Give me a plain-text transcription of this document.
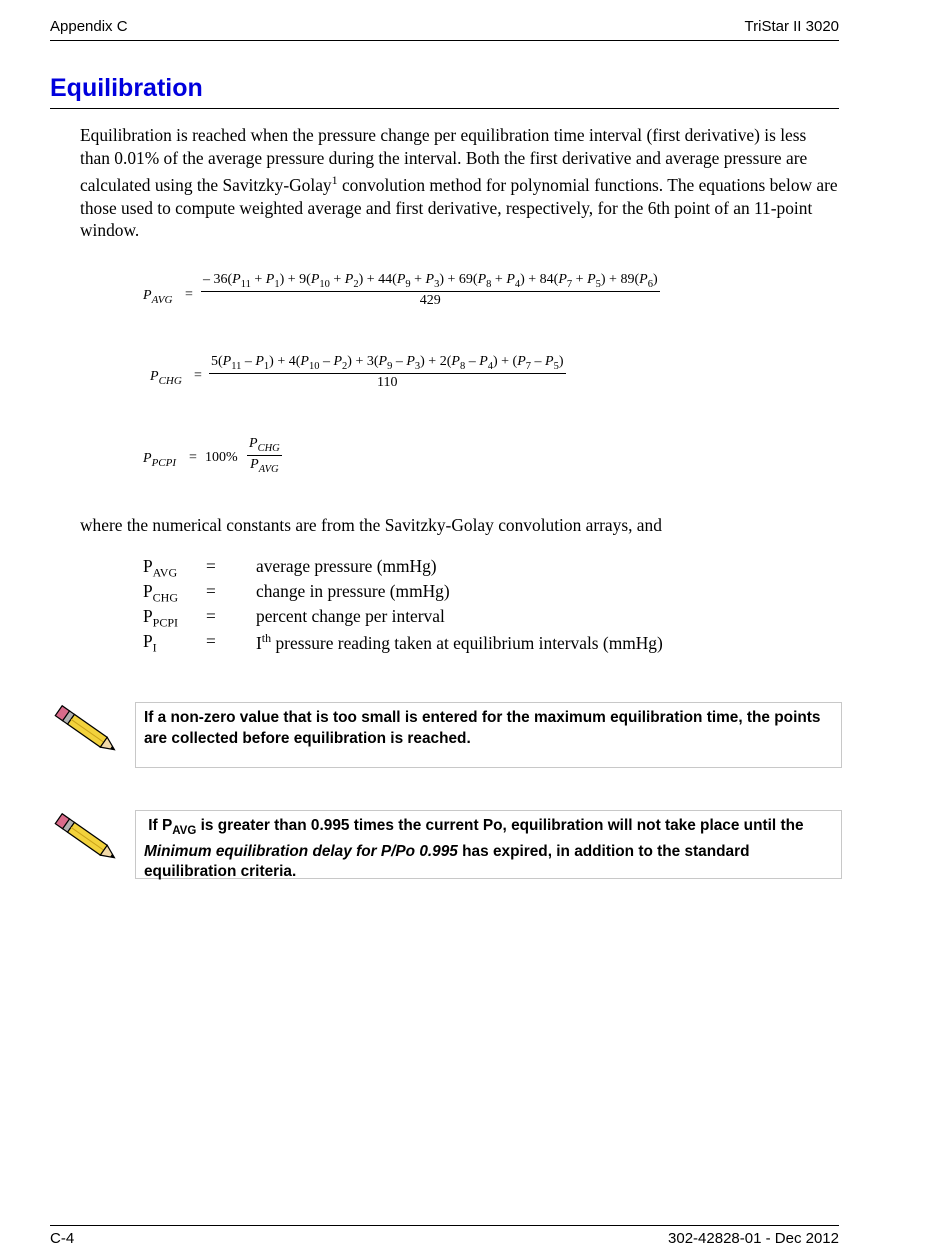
Appendix C	TriStar II 3020
Equilibration
Equilibration is reached when the pressure change per equilibration time interval (first derivative) is less than 0.01% of the average pressure during the interval. Both the first derivative and average pressure are calculated using the Savitzky-Golay$^1$ convolution method for polynomial functions. The equations below are those used to compute weighted average and first derivative, respectively, for the 6th point of an 11-point window.
$P_{AVG}$ =
– $36(P_{11} + P_1) + 9(P_{10} + P_2) + 44(P_9 + P_3) + 69(P_8 + P_4) + 84(P_7 + P_5) + 89(P_6)$
429
$P_{CHG}$ =
$5(P_{11} - P_1) + 4(P_{10} - P_2) + 3(P_9 - P_3) + 2(P_8 - P_4) + (P_7 - P_5)$
110
$P_{PCPI} = 100\%$
$P_{CHG}$
$P_{AVG}$
where the numerical constants are from the Savitzky-Golay convolution arrays, and
$P_{AVG}$ = average pressure (mmHg)
$P_{CHG}$ = change in pressure (mmHg)
$P_{PCPI}$ = percent change per interval
$P_I$	= Ith pressure reading taken at equilibrium intervals (mmHg)
If a non-zero value that is too small is entered for the maximum equilibration time, the points are collected before equilibration is reached.
If $P_{AVG}$ is greater than 0.995 times the current Po, equilibration will not take place until the Minimum equilibration delay for P/Po 0.995 has expired, in addition to the standard equilibration criteria.
C-4	302-42828-01 - Dec 2012
